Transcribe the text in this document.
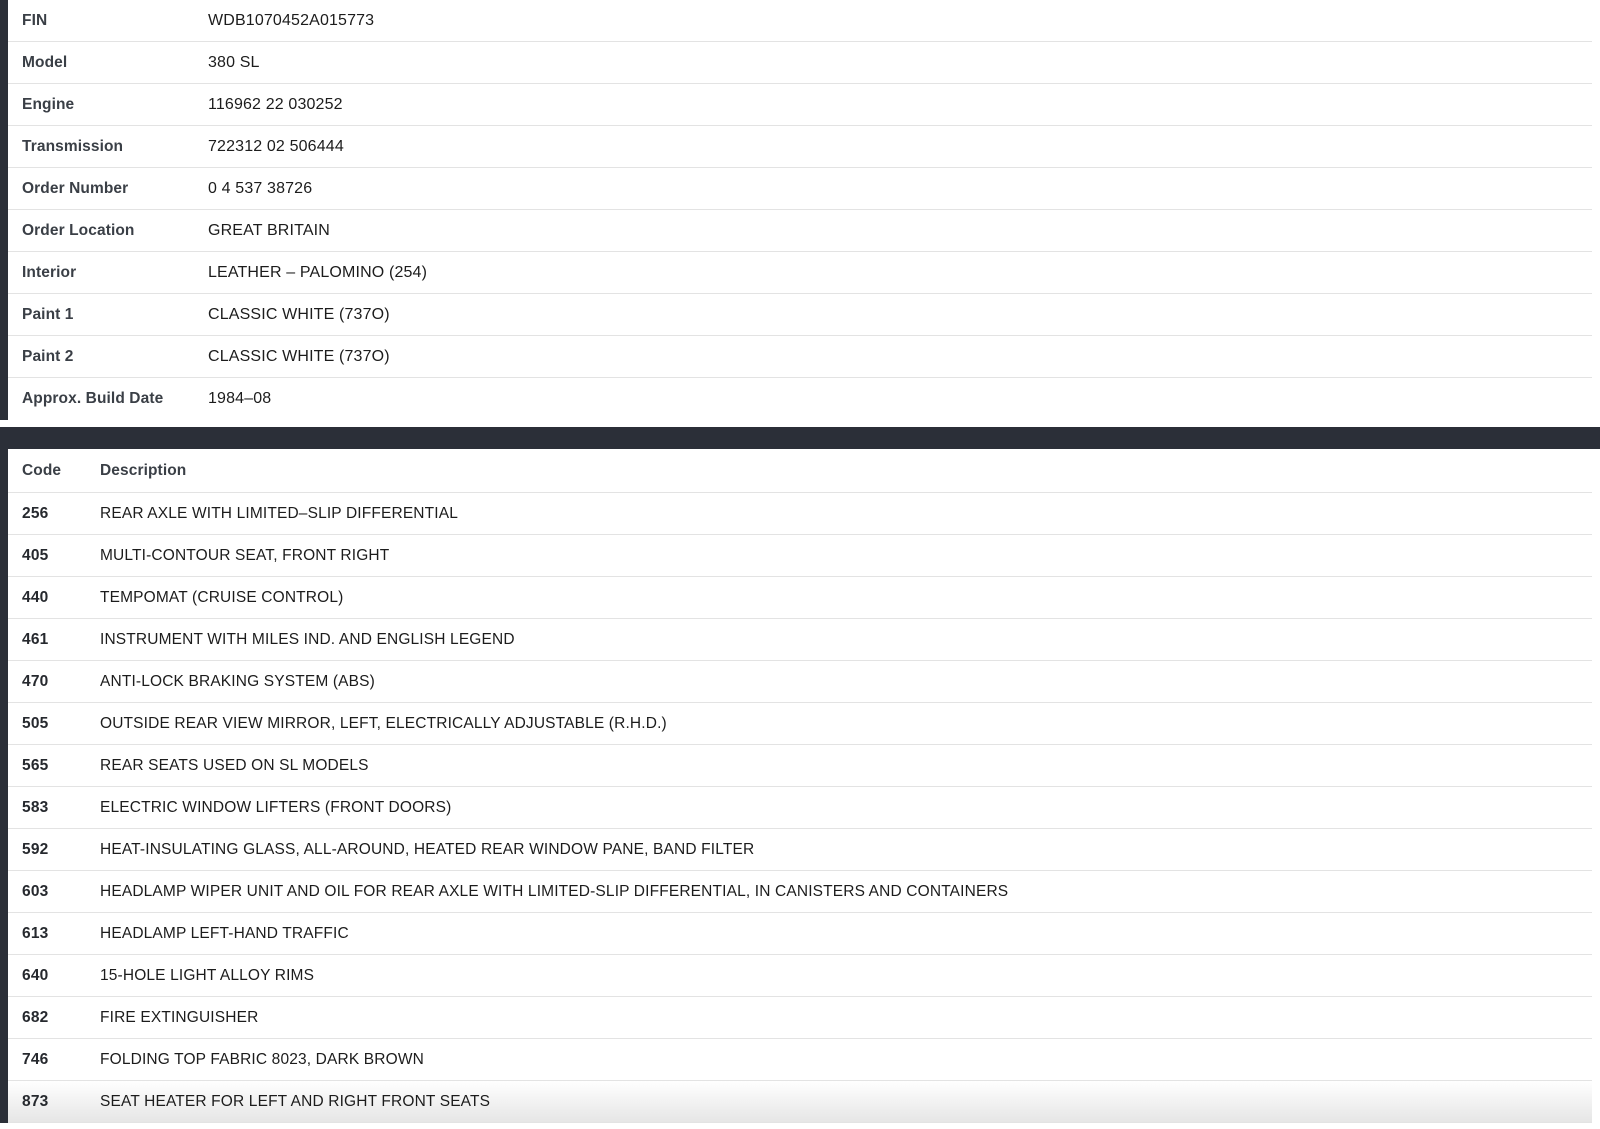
FIN	WDB1070452A015773
Model	380 SL
Engine	116962 22 030252
Transmission	722312 02 506444
Order Number	0 4 537 38726
Order Location	GREAT BRITAIN
Interior	LEATHER – PALOMINO (254)
Paint 1	CLASSIC WHITE (737O)
Paint 2	CLASSIC WHITE (737O)
Approx. Build Date	1984–08
Code	Description
256	REAR AXLE WITH LIMITED–SLIP DIFFERENTIAL
405	MULTI-CONTOUR SEAT, FRONT RIGHT
440	TEMPOMAT (CRUISE CONTROL)
461	INSTRUMENT WITH MILES IND. AND ENGLISH LEGEND
470	ANTI-LOCK BRAKING SYSTEM (ABS)
505	OUTSIDE REAR VIEW MIRROR, LEFT, ELECTRICALLY ADJUSTABLE (R.H.D.)
565	REAR SEATS USED ON SL MODELS
583	ELECTRIC WINDOW LIFTERS (FRONT DOORS)
592	HEAT-INSULATING GLASS, ALL-AROUND, HEATED REAR WINDOW PANE, BAND FILTER
603	HEADLAMP WIPER UNIT AND OIL FOR REAR AXLE WITH LIMITED-SLIP DIFFERENTIAL, IN CANISTERS AND CONTAINERS
613	HEADLAMP LEFT-HAND TRAFFIC
640	15-HOLE LIGHT ALLOY RIMS
682	FIRE EXTINGUISHER
746	FOLDING TOP FABRIC 8023, DARK BROWN
873	SEAT HEATER FOR LEFT AND RIGHT FRONT SEATS
